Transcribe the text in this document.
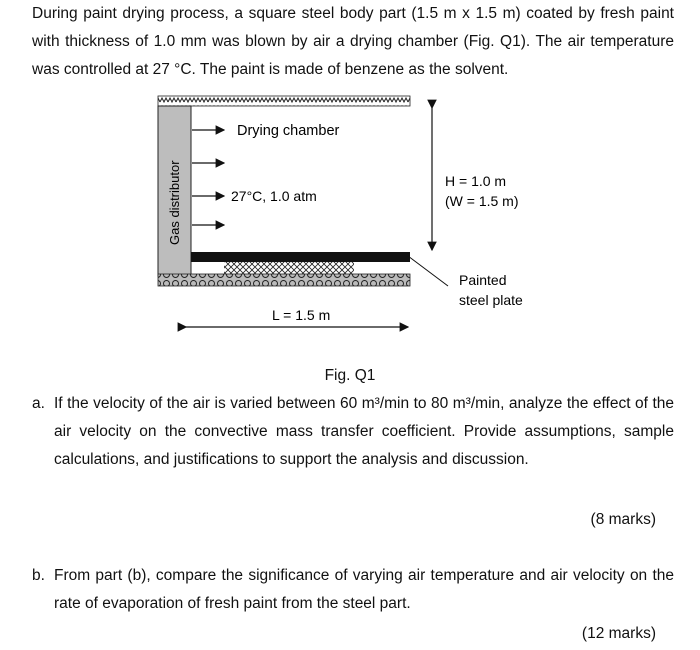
During paint drying process, a square steel body part (1.5 m x 1.5 m) coated by fresh paint with thickness of 1.0 mm was blown by air a drying chamber (Fig. Q1). The air temperature was controlled at 27 °C. The paint is made of benzene as the solvent.
Gas distributor
Drying chamber
27°C, 1.0 atm
H = 1.0 m
(W = 1.5 m)
Painted
steel plate
L = 1.5 m
Fig. Q1
a. If the velocity of the air is varied between 60 m³/min to 80 m³/min, analyze the effect of the air velocity on the convective mass transfer coefficient. Provide assumptions, sample calculations, and justifications to support the analysis and discussion.
(8 marks)
b. From part (b), compare the significance of varying air temperature and air velocity on the rate of evaporation of fresh paint from the steel part.
(12 marks)
